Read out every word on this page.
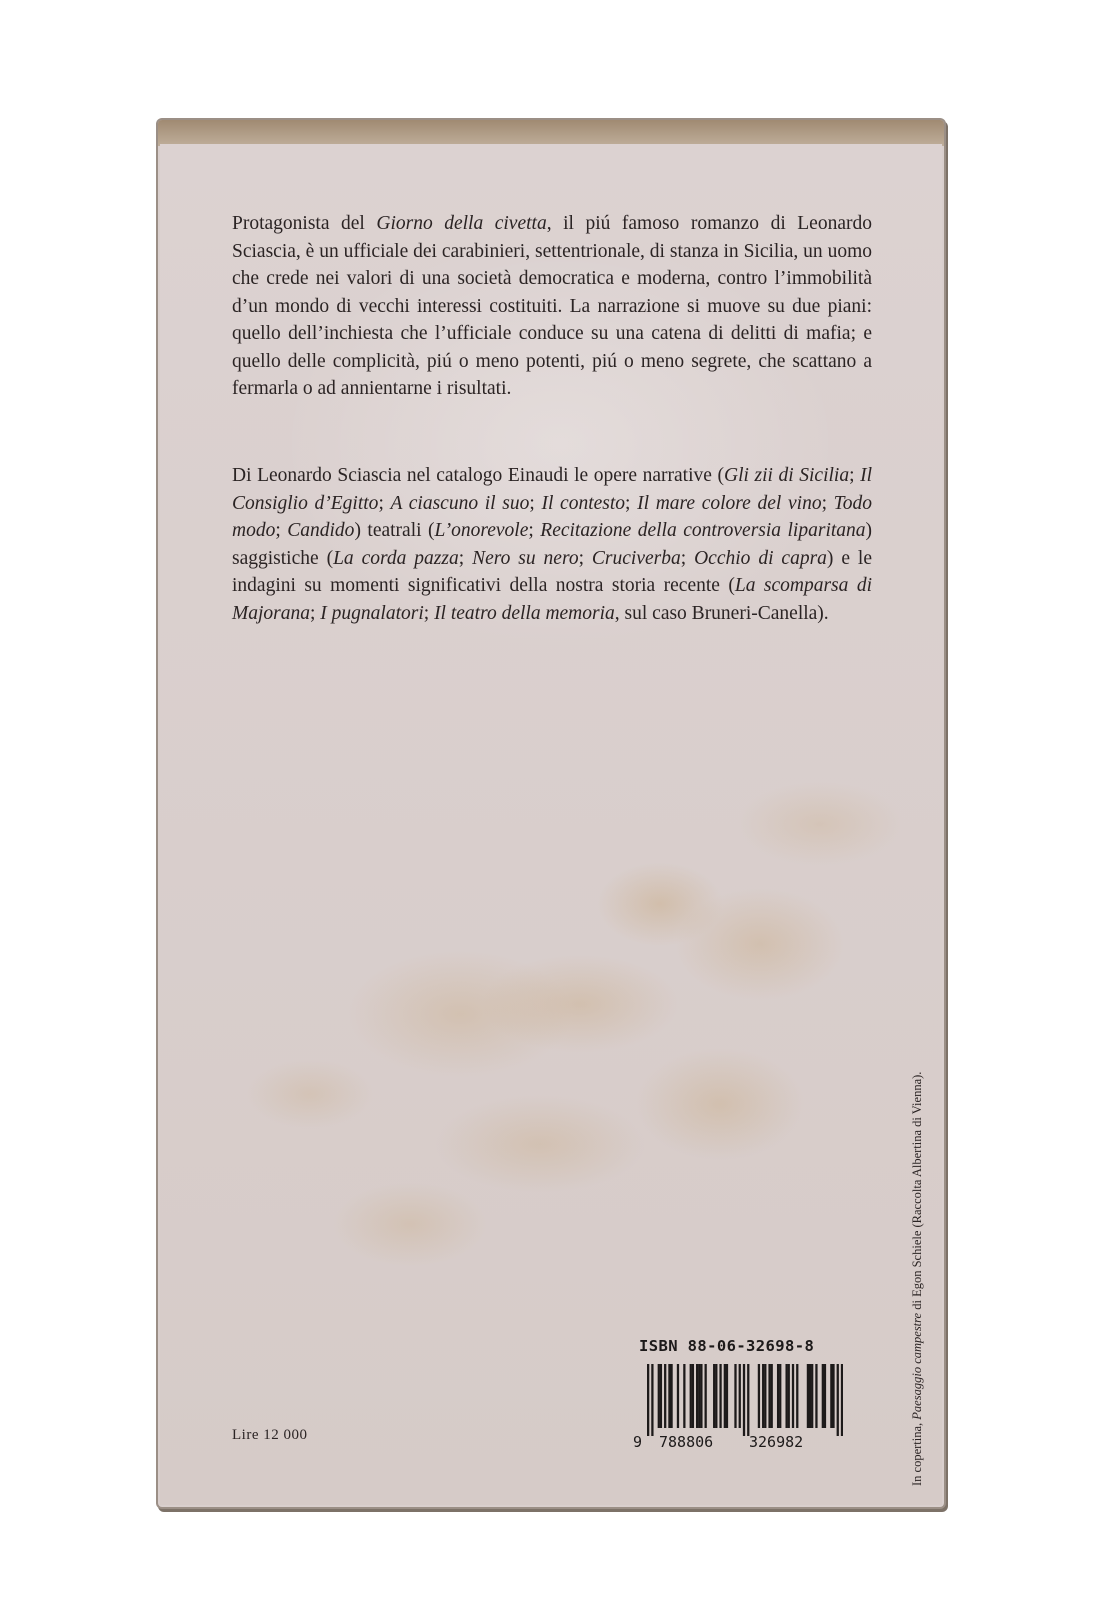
Protagonista del Giorno della civetta, il piú famoso romanzo di Leonardo Sciascia, è un ufficiale dei carabinieri, settentrionale, di stanza in Sicilia, un uomo che crede nei valori di una società democratica e moderna, contro l’immobilità d’un mondo di vecchi interessi costituiti. La narrazione si muove su due piani: quello dell’inchiesta che l’ufficiale conduce su una catena di delitti di mafia; e quello delle complicità, piú o meno potenti, piú o meno segrete, che scattano a fermarla o ad annientarne i risultati.

Di Leonardo Sciascia nel catalogo Einaudi le opere narrative (Gli zii di Sicilia; Il Consiglio d’Egitto; A ciascuno il suo; Il contesto; Il mare colore del vino; Todo modo; Candido) teatrali (L’onorevole; Recitazione della controversia liparitana) saggistiche (La corda pazza; Nero su nero; Cruciverba; Occhio di capra) e le indagini su momenti significativi della nostra storia recente (La scomparsa di Majorana; I pugnalatori; Il teatro della memoria, sul caso Bruneri-Canella).

ISBN 88-06-32698-8
9 788806 326982
Lire 12 000	In copertina, Paesaggio campestre di Egon Schiele (Raccolta Albertina di Vienna).
